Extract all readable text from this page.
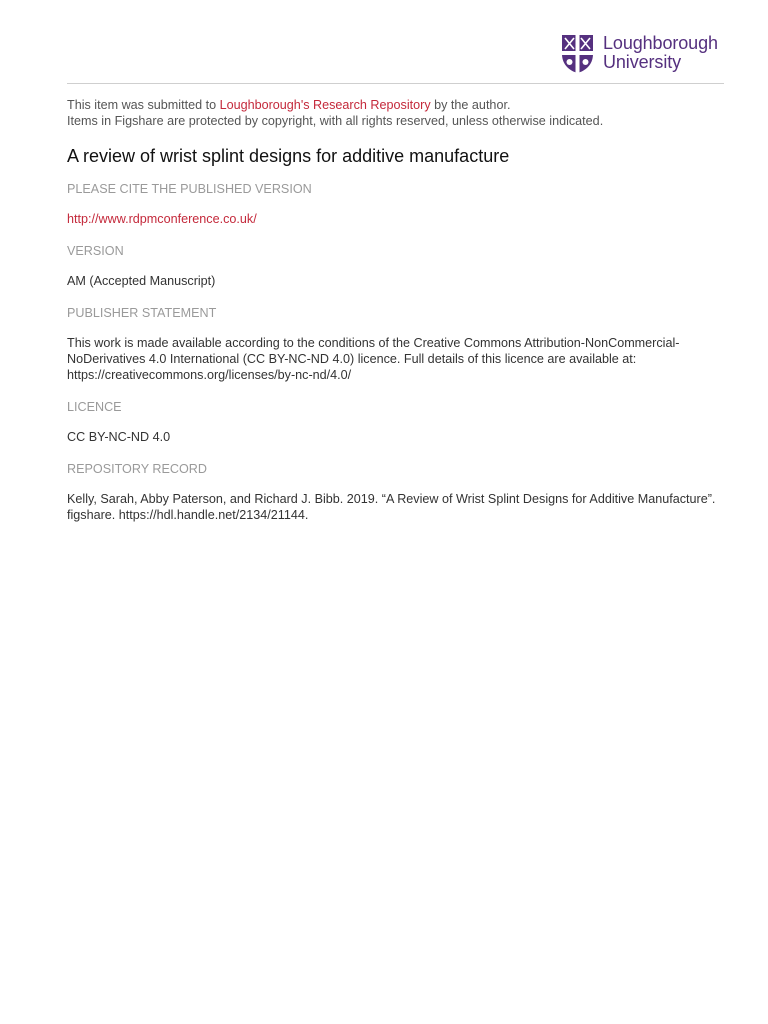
Loughborough
University

This item was submitted to Loughborough's Research Repository by the author.

Items in Figshare are protected by copyright, with all rights reserved, unless otherwise indicated.

A review of wrist splint designs for additive manufacture

PLEASE CITE THE PUBLISHED VERSION

http://www.rdpmconference.co.uk/

VERSION

AM (Accepted Manuscript)

PUBLISHER STATEMENT

This work is made available according to the conditions of the Creative Commons Attribution-NonCommercial-NoDerivatives 4.0 International (CC BY-NC-ND 4.0) licence. Full details of this licence are available at: https://creativecommons.org/licenses/by-nc-nd/4.0/

LICENCE

CC BY-NC-ND 4.0

REPOSITORY RECORD

Kelly, Sarah, Abby Paterson, and Richard J. Bibb. 2019. “A Review of Wrist Splint Designs for Additive Manufacture”. figshare. https://hdl.handle.net/2134/21144.
